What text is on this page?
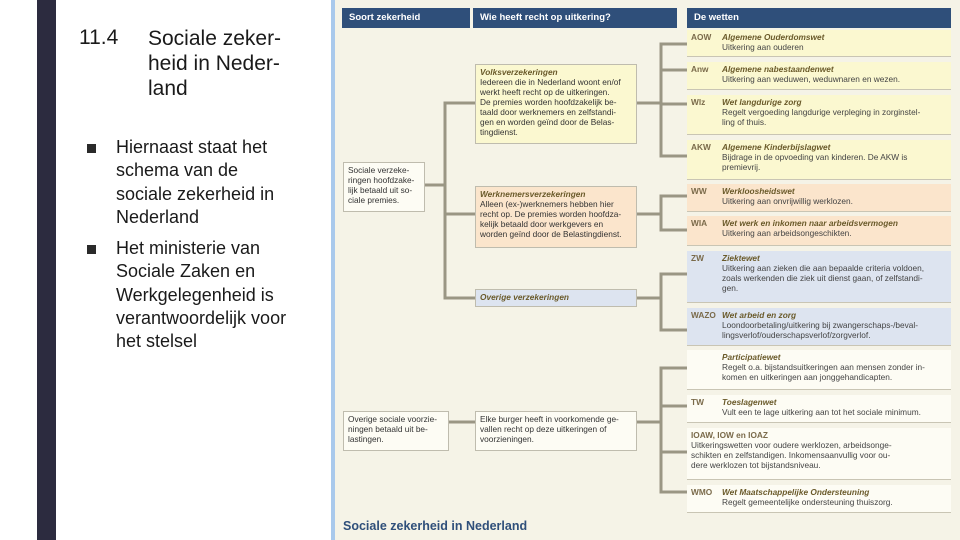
11.4 Sociale zeker-
heid in Neder-
land
Hiernaast staat het
schema van de
sociale zekerheid in
Nederland
Het ministerie van
Sociale Zaken en
Werkgelegenheid is
verantwoordelijk voor
het stelsel
Soort zekerheid	Wie heeft recht op uitkering?	De wetten
Sociale verzeke-
ringen hoofdzake-
lijk betaald uit so-
ciale premies.
Overige sociale voorzie-
ningen betaald uit be-
lastingen.
Volksverzekeringen
Iedereen die in Nederland woont en/of
werkt heeft recht op de uitkeringen.
De premies worden hoofdzakelijk be-
taald door werknemers en zelfstandi-
gen en worden geïnd door de Belas-
tingdienst.
Werknemersverzekeringen
Alleen (ex-)werknemers hebben hier
recht op. De premies worden hoofdza-
kelijk betaald door werkgevers en
worden geïnd door de Belastingdienst.
Overige verzekeringen
Elke burger heeft in voorkomende ge-
vallen recht op deze uitkeringen of
voorzieningen.
AOW Algemene Ouderdomswet
Uitkering aan ouderen
Anw Algemene nabestaandenwet
Uitkering aan weduwen, weduwnaren en wezen.
Wlz Wet langdurige zorg
Regelt vergoeding langdurige verpleging in zorginstel-
ling of thuis.
AKW Algemene Kinderbijslagwet
Bijdrage in de opvoeding van kinderen. De AKW is
premievrij.
WW Werkloosheidswet
Uitkering aan onvrijwillig werklozen.
WIA Wet werk en inkomen naar arbeidsvermogen
Uitkering aan arbeidsongeschikten.
ZW Ziektewet
Uitkering aan zieken die aan bepaalde criteria voldoen,
zoals werkenden die ziek uit dienst gaan, of zelfstandi-
gen.
WAZO Wet arbeid en zorg
Loondoorbetaling/uitkering bij zwangerschaps-/beval-
lingsverlof/ouderschapsverlof/zorgverlof.
Participatiewet
Regelt o.a. bijstandsuitkeringen aan mensen zonder in-
komen en uitkeringen aan jonggehandicapten.
TW Toeslagenwet
Vult een te lage uitkering aan tot het sociale minimum.
IOAW, IOW en IOAZ
Uitkeringswetten voor oudere werklozen, arbeidsonge-
schikten en zelfstandigen. Inkomensaanvullig voor ou-
dere werklozen tot bijstandsniveau.
WMO Wet Maatschappelijke Ondersteuning
Regelt gemeentelijke ondersteuning thuiszorg.
Sociale zekerheid in Nederland
